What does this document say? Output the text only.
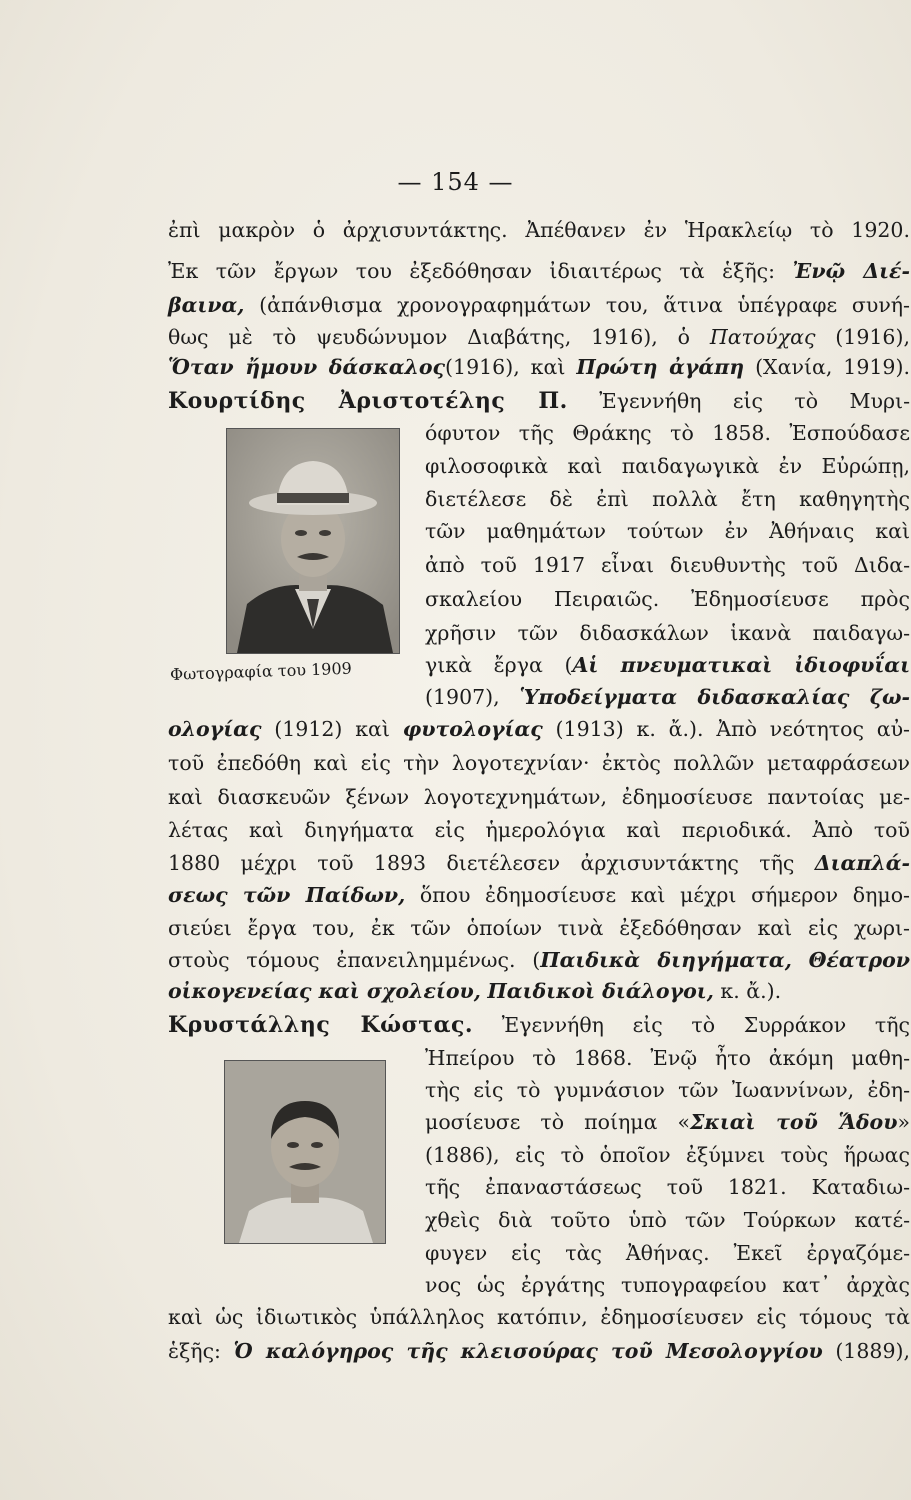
— 154 —
Φωτογραφία του 1909
ἐπὶ μακρὸν ὁ ἀρχισυντάκτης. Ἀπέθανεν ἐν Ἡρακλείῳ τὸ 1920.
Ἐκ τῶν ἔργων του ἐξεδόθησαν ἰδιαιτέρως τὰ ἑξῆς: Ἐνῷ Διέ-
βαινα, (ἀπάνθισμα χρονογραφημάτων του, ἅτινα ὑπέγραφε συνή-
θως μὲ τὸ ψευδώνυμον Διαβάτης, 1916), ὁ Πατούχας (1916),
Ὅταν ἤμουν δάσκαλος(1916), καὶ Πρώτη ἀγάπη (Χανία, 1919).
Κουρτίδης Ἀριστοτέλης Π. Ἐγεννήθη εἰς τὸ Μυρι-
όφυτον τῆς Θράκης τὸ 1858. Ἐσπούδασε
φιλοσοφικὰ καὶ παιδαγωγικὰ ἐν Εὐρώπῃ,
διετέλεσε δὲ ἐπὶ πολλὰ ἔτη καθηγητὴς
τῶν μαθημάτων τούτων ἐν Ἀθήναις καὶ
ἀπὸ τοῦ 1917 εἶναι διευθυντὴς τοῦ Διδα-
σκαλείου Πειραιῶς. Ἐδημοσίευσε πρὸς
χρῆσιν τῶν διδασκάλων ἱκανὰ παιδαγω-
γικὰ ἔργα (Αἱ πνευματικαὶ ἰδιοφυΐαι
(1907), Ὑποδείγματα διδασκαλίας ζω-
ολογίας (1912) καὶ φυτολογίας (1913) κ. ἄ.). Ἀπὸ νεότητος αὐ-
τοῦ ἐπεδόθη καὶ εἰς τὴν λογοτεχνίαν· ἐκτὸς πολλῶν μεταφράσεων
καὶ διασκευῶν ξένων λογοτεχνημάτων, ἐδημοσίευσε παντοίας με-
λέτας καὶ διηγήματα εἰς ἡμερολόγια καὶ περιοδικά. Ἀπὸ τοῦ
1880 μέχρι τοῦ 1893 διετέλεσεν ἀρχισυντάκτης τῆς Διαπλά-
σεως τῶν Παίδων, ὅπου ἐδημοσίευσε καὶ μέχρι σήμερον δημο-
σιεύει ἔργα του, ἐκ τῶν ὁποίων τινὰ ἐξεδόθησαν καὶ εἰς χωρι-
στοὺς τόμους ἐπανειλημμένως. (Παιδικὰ διηγήματα, Θέατρον
οἰκογενείας καὶ σχολείου, Παιδικοὶ διάλογοι, κ. ἄ.).
Κρυστάλλης Κώστας. Ἐγεννήθη εἰς τὸ Συρράκον τῆς
Ἠπείρου τὸ 1868. Ἐνῷ ἦτο ἀκόμη μαθη-
τὴς εἰς τὸ γυμνάσιον τῶν Ἰωαννίνων, ἐδη-
μοσίευσε τὸ ποίημα «Σκιαὶ τοῦ Ἅδου»
(1886), εἰς τὸ ὁποῖον ἐξύμνει τοὺς ἥρωας
τῆς ἐπαναστάσεως τοῦ 1821. Καταδιω-
χθεὶς διὰ τοῦτο ὑπὸ τῶν Τούρκων κατέ-
φυγεν εἰς τὰς Ἀθήνας. Ἐκεῖ ἐργαζόμε-
νος ὡς ἐργάτης τυπογραφείου κατ᾽ ἀρχὰς
καὶ ὡς ἰδιωτικὸς ὑπάλληλος κατόπιν, ἐδημοσίευσεν εἰς τόμους τὰ
ἑξῆς: Ὁ καλόγηρος τῆς κλεισούρας τοῦ Μεσολογγίου (1889),
